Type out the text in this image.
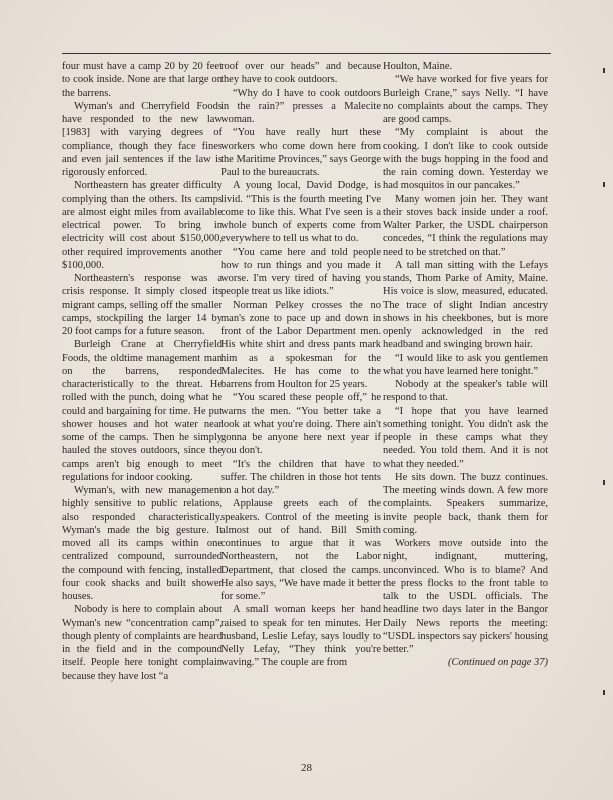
four must have a camp 20 by 20 feet to cook inside. None are that large on the barrens.

Wyman's and Cherryfield Foods have responded to the new law [1983] with varying degrees of compliance, though they face fines and even jail sentences if the law is rigorously enforced.

Northeastern has greater difficulty complying than the others. Its camps are almost eight miles from available electrical power. To bring in electricity will cost about $150,000, other required improvements another $100,000.

Northeastern's response was a crisis response. It simply closed its migrant camps, selling off the smaller camps, stockpiling the larger 14 by 20 foot camps for a future season.

Burleigh Crane at Cherryfield Foods, the oldtime management man on the barrens, responded characteristically to the threat. He rolled with the punch, doing what he could and bargaining for time. He put shower houses and hot water near some of the camps. Then he simply hauled the stoves outdoors, since the camps aren't big enough to meet regulations for indoor cooking.

Wyman's, with new management highly sensitive to public relations, also responded characteristically. Wyman's made the big gesture. It moved all its camps within one centralized compound, surrounded the compound with fencing, installed four cook shacks and built shower houses.

Nobody is here to complain about Wyman's new “concentration camp”, though plenty of complaints are heard in the field and in the compound itself. People here tonight complain because they have lost “a

roof over our heads” and because they have to cook outdoors.

“Why do I have to cook outdoors in the rain?” presses a Malecite woman.

“You have really hurt these workers who come down here from the Maritime Provinces,” says George Paul to the bureaucrats.

A young local, David Dodge, is livid. “This is the fourth meeting I've come to like this. What I've seen is a whole bunch of experts come from everywhere to tell us what to do.

“You came here and told people how to run things and you made it worse. I'm very tired of having you people treat us like idiots.”

Norman Pelkey crosses the no man's zone to pace up and down in front of the Labor Department men. His white shirt and dress pants mark him as a spokesman for the Malecites. He has come to the barrens from Houlton for 25 years.

“You scared these people off,” he warns the men. “You better take a look at what you're doing. There ain't gonna be anyone here next year if you don't.

“It's the children that have to suffer. The children in those hot tents on a hot day.”

Applause greets each of the speakers. Control of the meeting is almost out of hand. Bill Smith continues to argue that it was Northeastern, not the Labor Department, that closed the camps. He also says, “We have made it better for some.”

A small woman keeps her hand raised to speak for ten minutes. Her husband, Leslie Lefay, says loudly to Nelly Lefay, “They think you're waving.” The couple are from

Houlton, Maine.

“We have worked for five years for Burleigh Crane,” says Nelly. “I have no complaints about the camps. They are good camps.

“My complaint is about the cooking. I don't like to cook outside with the bugs hopping in the food and the rain coming down. Yesterday we had mosquitos in our pancakes.”

Many women join her. They want their stoves back inside under a roof. Walter Parker, the USDL chairperson concedes, “I think the regulations may need to be stretched on that.”

A tall man sitting with the Lefays stands, Thom Parke of Amity, Maine. His voice is slow, measured, educated. The trace of slight Indian ancestry shows in his cheekbones, but is more openly acknowledged in the red headband and swinging brown hair.

“I would like to ask you gentlemen what you have learned here tonight.”

Nobody at the speaker's table will respond to that.

“I hope that you have learned something tonight. You didn't ask the people in these camps what they needed. You told them. And it is not what they needed.”

He sits down. The buzz continues. The meeting winds down. A few more complaints. Speakers summarize, invite people back, thank them for coming.

Workers move outside into the night, indignant, muttering, unconvinced. Who is to blame? And the press flocks to the front table to talk to the USDL officials. The headline two days later in the Bangor Daily News reports the meeting: “USDL inspectors say pickers' housing better.”

(Continued on page 37)

28
